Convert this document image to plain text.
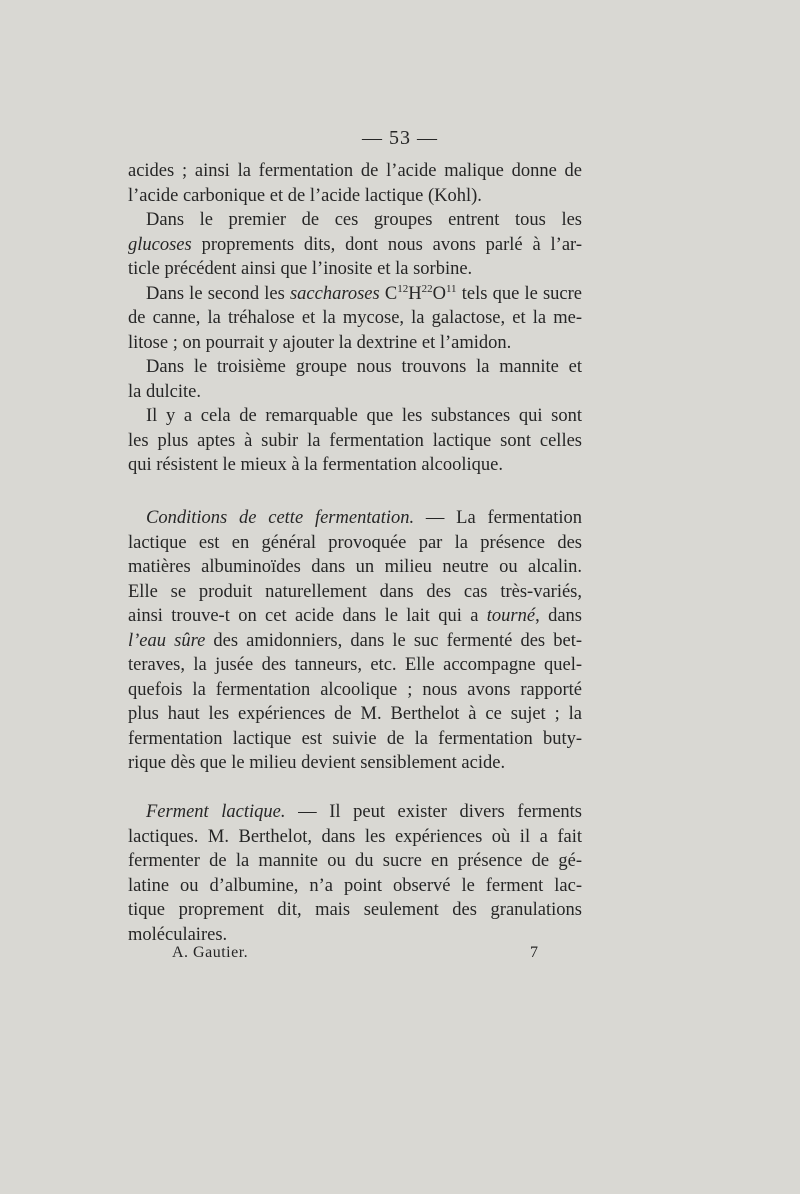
— 53 —
acides ; ainsi la fermentation de l’acide malique donne de
l’acide carbonique et de l’acide lactique (Kohl).
Dans le premier de ces groupes entrent tous les
glucoses proprements dits, dont nous avons parlé à l’ar-
ticle précédent ainsi que l’inosite et la sorbine.
Dans le second les saccharoses $C^{12}H^{22}O^{11}$ tels que le sucre
de canne, la tréhalose et la mycose, la galactose, et la me-
litose ; on pourrait y ajouter la dextrine et l’amidon.
Dans le troisième groupe nous trouvons la mannite et
la dulcite.
Il y a cela de remarquable que les substances qui sont
les plus aptes à subir la fermentation lactique sont celles
qui résistent le mieux à la fermentation alcoolique.
Conditions de cette fermentation. — La fermentation
lactique est en général provoquée par la présence des
matières albuminoïdes dans un milieu neutre ou alcalin.
Elle se produit naturellement dans des cas très-variés,
ainsi trouve-t on cet acide dans le lait qui a tourné, dans
l’eau sûre des amidonniers, dans le suc fermenté des bet-
teraves, la jusée des tanneurs, etc. Elle accompagne quel-
quefois la fermentation alcoolique ; nous avons rapporté
plus haut les expériences de M. Berthelot à ce sujet ; la
fermentation lactique est suivie de la fermentation buty-
rique dès que le milieu devient sensiblement acide.
Ferment lactique. — Il peut exister divers ferments
lactiques. M. Berthelot, dans les expériences où il a fait
fermenter de la mannite ou du sucre en présence de gé-
latine ou d’albumine, n’a point observé le ferment lac-
tique proprement dit, mais seulement des granulations
moléculaires.
A. Gautier.	7
